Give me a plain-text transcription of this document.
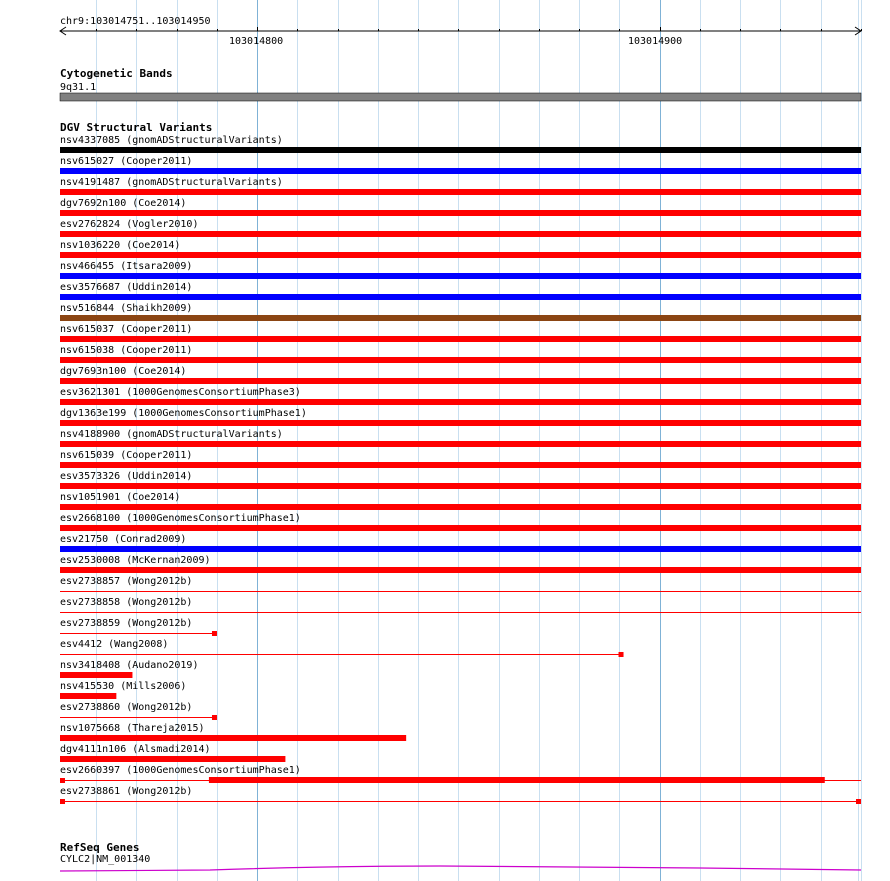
chr9:103014751..103014950
103014800	103014900
Cytogenetic Bands
9q31.1
DGV Structural Variants
nsv4337085 (gnomADStructuralVariants)
nsv615027 (Cooper2011)
nsv4191487 (gnomADStructuralVariants)
dgv7692n100 (Coe2014)
esv2762824 (Vogler2010)
nsv1036220 (Coe2014)
nsv466455 (Itsara2009)
esv3576687 (Uddin2014)
nsv516844 (Shaikh2009)
nsv615037 (Cooper2011)
nsv615038 (Cooper2011)
dgv7693n100 (Coe2014)
esv3621301 (1000GenomesConsortiumPhase3)
dgv1363e199 (1000GenomesConsortiumPhase1)
nsv4188900 (gnomADStructuralVariants)
nsv615039 (Cooper2011)
esv3573326 (Uddin2014)
nsv1051901 (Coe2014)
esv2668100 (1000GenomesConsortiumPhase1)
esv21750 (Conrad2009)
esv2530008 (McKernan2009)
esv2738857 (Wong2012b)
esv2738858 (Wong2012b)
esv2738859 (Wong2012b)
esv4412 (Wang2008)
nsv3418408 (Audano2019)
nsv415530 (Mills2006)
esv2738860 (Wong2012b)
nsv1075668 (Thareja2015)
dgv4111n106 (Alsmadi2014)
esv2660397 (1000GenomesConsortiumPhase1)
esv2738861 (Wong2012b)
RefSeq Genes
CYLC2|NM_001340
